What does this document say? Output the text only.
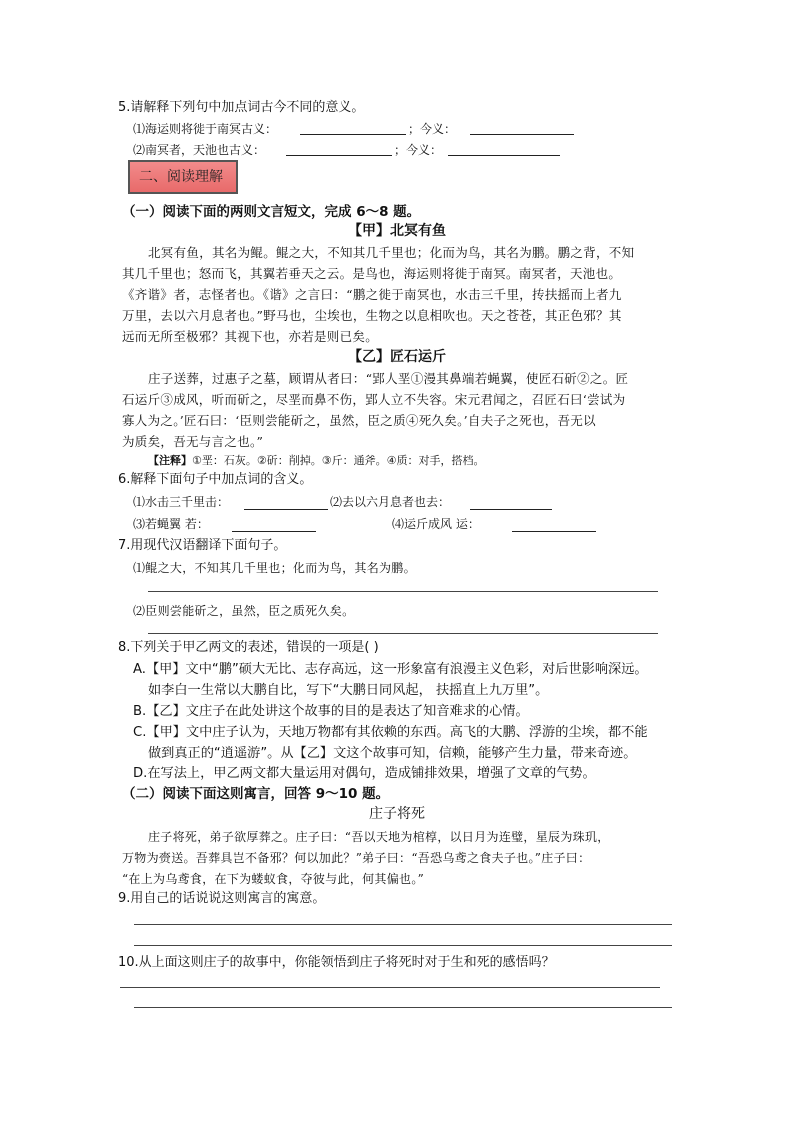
5.请解释下列句中加点词古今不同的意义。
⑴海运则将徙于南冥古义：	；今义：
⑵南冥者，天池也古义：	；今义：
二、阅读理解
（一）阅读下面的两则文言短文，完成 6～8 题。
【甲】北冥有鱼
北冥有鱼，其名为鲲。鲲之大，不知其几千里也；化而为鸟，其名为鹏。鹏之背，不知
其几千里也；怒而飞，其翼若垂天之云。是鸟也，海运则将徙于南冥。南冥者，天池也。
《齐谐》者，志怪者也。《谐》之言曰：“鹏之徙于南冥也，水击三千里，抟扶摇而上者九
万里，去以六月息者也。”野马也，尘埃也，生物之以息相吹也。天之苍苍，其正色邪？其
远而无所至极邪？其视下也，亦若是则已矣。
【乙】匠石运斤
庄子送葬，过惠子之墓，顾谓从者曰：“郢人垩①漫其鼻端若蝇翼，使匠石斫②之。匠
石运斤③成风，听而斫之，尽垩而鼻不伤，郢人立不失容。宋元君闻之，召匠石曰‘尝试为
寡人为之。’匠石曰：‘臣则尝能斫之，虽然，臣之质④死久矣。’自夫子之死也，吾无以
为质矣，吾无与言之也。”
【注释】①垩：石灰。②斫：削掉。③斤：通斧。④质：对手，搭档。
6.解释下面句子中加点词的含义。
⑴水击三千里击：	⑵去以六月息者也去：
⑶若蝇翼 若：	⑷运斤成风 运：
7.用现代汉语翻译下面句子。
⑴鲲之大，不知其几千里也；化而为鸟，其名为鹏。
⑵臣则尝能斫之，虽然，臣之质死久矣。
8.下列关于甲乙两文的表述，错误的一项是( )
A.【甲】文中“鹏”硕大无比、志存高远，这一形象富有浪漫主义色彩，对后世影响深远。
如李白一生常以大鹏自比，写下“大鹏日同风起， 扶摇直上九万里”。
B.【乙】文庄子在此处讲这个故事的目的是表达了知音难求的心情。
C.【甲】文中庄子认为，天地万物都有其依赖的东西。高飞的大鹏、浮游的尘埃，都不能
做到真正的“逍遥游”。从【乙】文这个故事可知，信赖，能够产生力量，带来奇迹。
D.在写法上，甲乙两文都大量运用对偶句，造成铺排效果，增强了文章的气势。
（二）阅读下面这则寓言，回答 9～10 题。
庄子将死
庄子将死，弟子欲厚葬之。庄子曰：“吾以天地为棺椁，以日月为连璧，星辰为珠玑，
万物为赍送。吾葬具岂不备邪？何以加此？”弟子曰：“吾恐乌鸢之食夫子也。”庄子曰：
“在上为乌鸢食，在下为蝼蚁食，夺彼与此，何其偏也。”
9.用自己的话说说这则寓言的寓意。
10.从上面这则庄子的故事中，你能领悟到庄子将死时对于生和死的感悟吗？
